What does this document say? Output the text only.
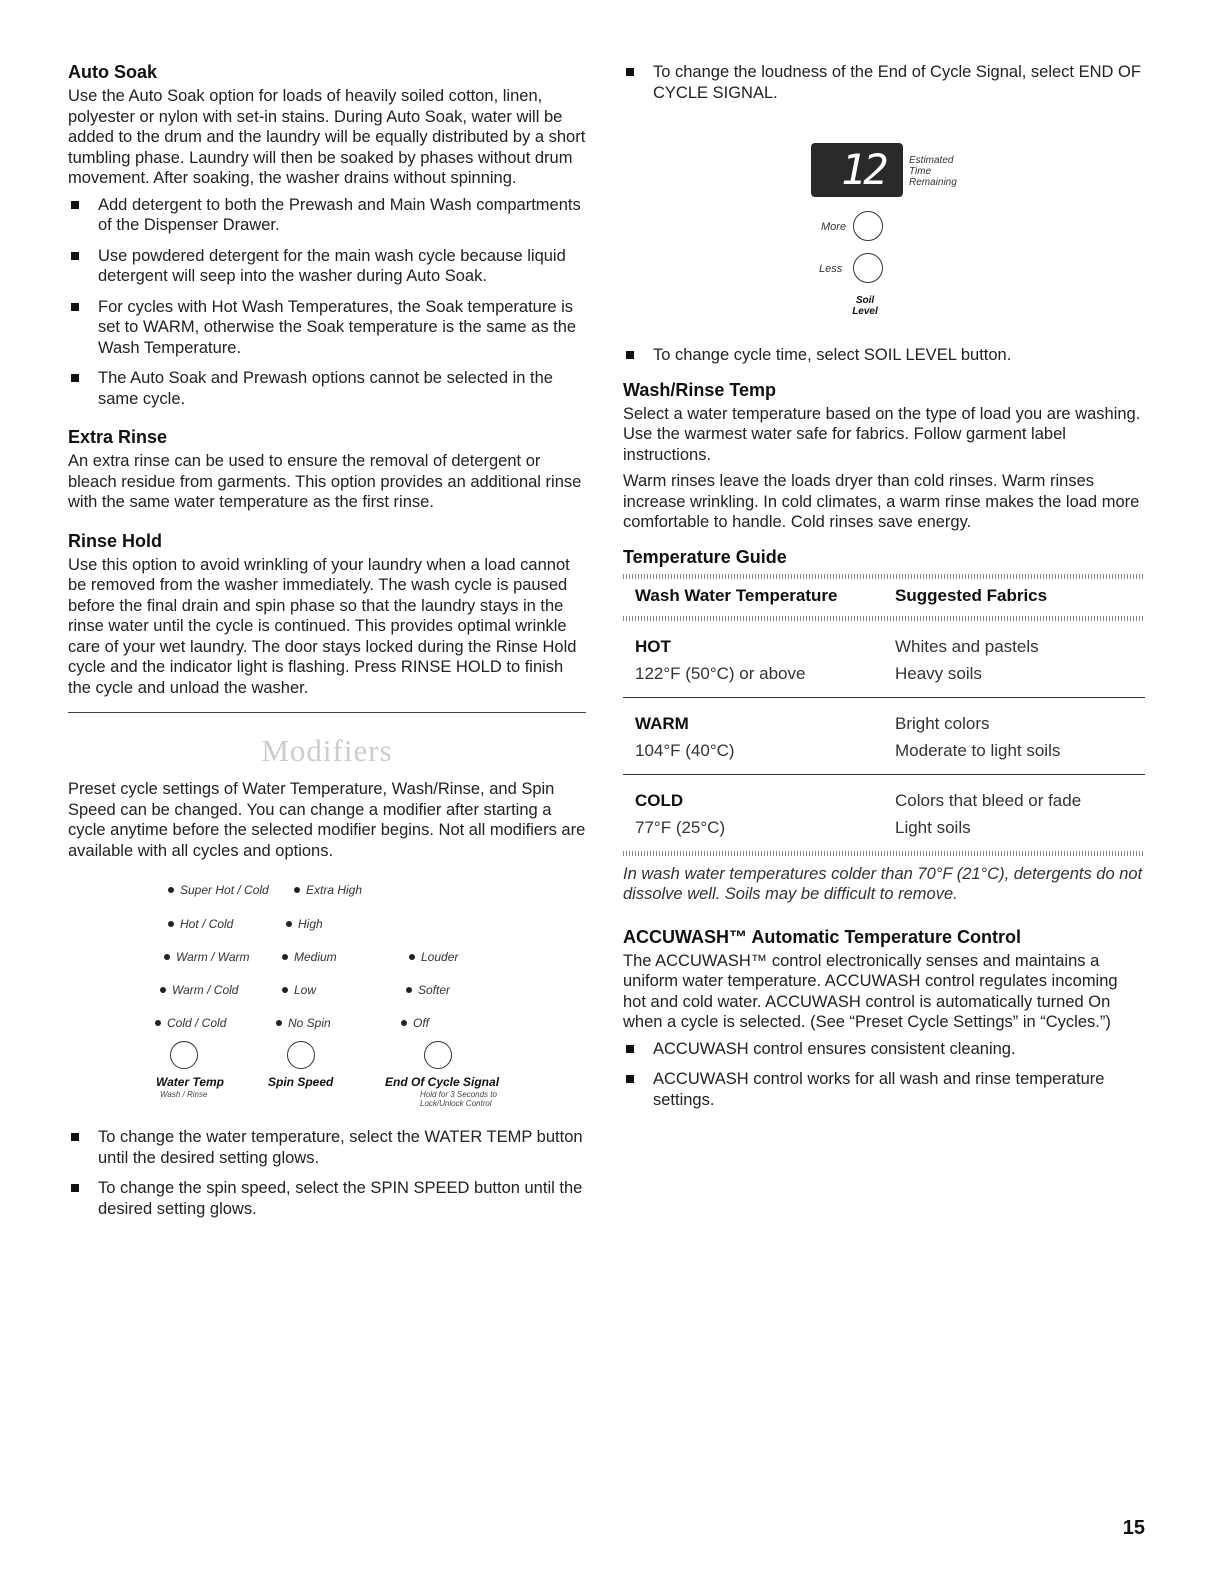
Auto Soak

Use the Auto Soak option for loads of heavily soiled cotton, linen, polyester or nylon with set-in stains. During Auto Soak, water will be added to the drum and the laundry will be equally distributed by a short tumbling phase. Laundry will then be soaked by phases without drum movement. After soaking, the washer drains without spinning.

Add detergent to both the Prewash and Main Wash compartments of the Dispenser Drawer.
Use powdered detergent for the main wash cycle because liquid detergent will seep into the washer during Auto Soak.
For cycles with Hot Wash Temperatures, the Soak temperature is set to WARM, otherwise the Soak temperature is the same as the Wash Temperature.
The Auto Soak and Prewash options cannot be selected in the same cycle.
Extra Rinse

An extra rinse can be used to ensure the removal of detergent or bleach residue from garments. This option provides an additional rinse with the same water temperature as the first rinse.

Rinse Hold

Use this option to avoid wrinkling of your laundry when a load cannot be removed from the washer immediately. The wash cycle is paused before the final drain and spin phase so that the laundry stays in the rinse water until the cycle is continued. This provides optimal wrinkle care of your wet laundry. The door stays locked during the Rinse Hold cycle and the indicator light is flashing. Press RINSE HOLD to finish the cycle and unload the washer.

Modifiers

Preset cycle settings of Water Temperature, Wash/Rinse, and Spin Speed can be changed. You can change a modifier after starting a cycle anytime before the selected modifier begins. Not all modifiers are available with all cycles and options.

Super Hot / Cold
Hot / Cold
Warm / Warm
Warm / Cold
Cold / Cold
Extra High
High
Medium
Low
No Spin
Louder
Softer
Off
Water Temp
Wash / Rinse
Spin Speed	End Of Cycle Signal
Hold for 3 Seconds to
Lock/Unlock Control
To change the water temperature, select the WATER TEMP button until the desired setting glows.
To change the spin speed, select the SPIN SPEED button until the desired setting glows.
To change the loudness of the End of Cycle Signal, select END OF CYCLE SIGNAL.
12 Estimated
Time
Remaining
More
Less
Soil
Level
To change cycle time, select SOIL LEVEL button.
Wash/Rinse Temp

Select a water temperature based on the type of load you are washing. Use the warmest water safe for fabrics. Follow garment label instructions.

Warm rinses leave the loads dryer than cold rinses. Warm rinses increase wrinkling. In cold climates, a warm rinse makes the load more comfortable to handle. Cold rinses save energy.

Temperature Guide
Wash Water Temperature	Suggested Fabrics
HOT	Whites and pastels
122°F (50°C) or above	Heavy soils
WARM	Bright colors
104°F (40°C)	Moderate to light soils
COLD	Colors that bleed or fade
77°F (25°C)	Light soils

In wash water temperatures colder than 70°F (21°C), detergents do not dissolve well. Soils may be difficult to remove.

ACCUWASH™ Automatic Temperature Control

The ACCUWASH™ control electronically senses and maintains a uniform water temperature. ACCUWASH control regulates incoming hot and cold water. ACCUWASH control is automatically turned On when a cycle is selected. (See “Preset Cycle Settings” in “Cycles.”)

ACCUWASH control ensures consistent cleaning.
ACCUWASH control works for all wash and rinse temperature settings.
15
